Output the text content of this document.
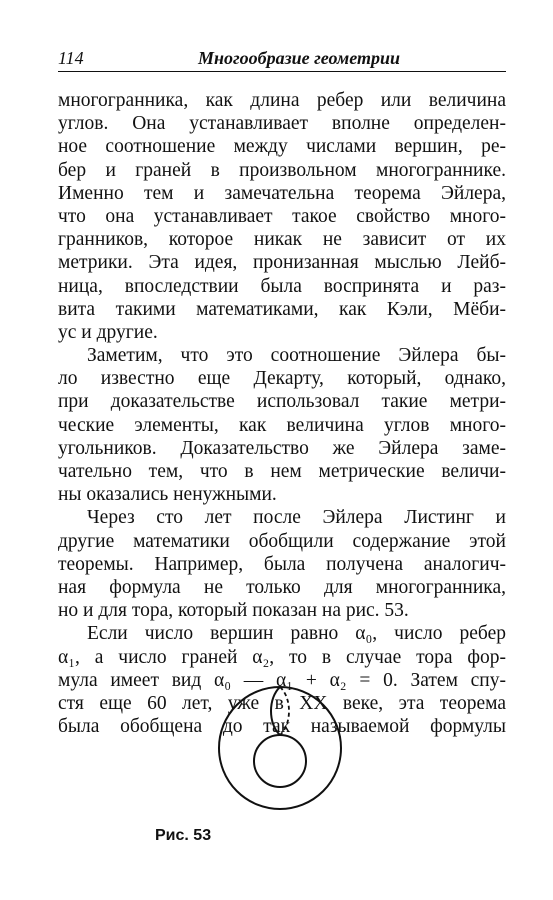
114	Многообразие геометрии
многогранника, как длина ребер или величина
углов. Она устанавливает вполне определен-
ное соотношение между числами вершин, ре-
бер и граней в произвольном многограннике.
Именно тем и замечательна теорема Эйлера,
что она устанавливает такое свойство много-
гранников, которое никак не зависит от их
метрики. Эта идея, пронизанная мыслью Лейб-
ница, впоследствии была воспринята и раз-
вита такими математиками, как Кэли, Мёби-
ус и другие.
Заметим, что это соотношение Эйлера бы-
ло известно еще Декарту, который, однако,
при доказательстве использовал такие метри-
ческие элементы, как величина углов много-
угольников. Доказательство же Эйлера заме-
чательно тем, что в нем метрические величи-
ны оказались ненужными.
Через сто лет после Эйлера Листинг и
другие математики обобщили содержание этой
теоремы. Например, была получена аналогич-
ная формула не только для многогранника,
но и для тора, который показан на рис. 53.
Если число вершин равно α₀, число ребер
α₁, а число граней α₂, то в случае тора фор-
мула имеет вид α₀ — α₁ + α₂ = 0. Затем спу-
стя еще 60 лет, уже в XX веке, эта теорема
была обобщена до так называемой формулы
Рис. 53
